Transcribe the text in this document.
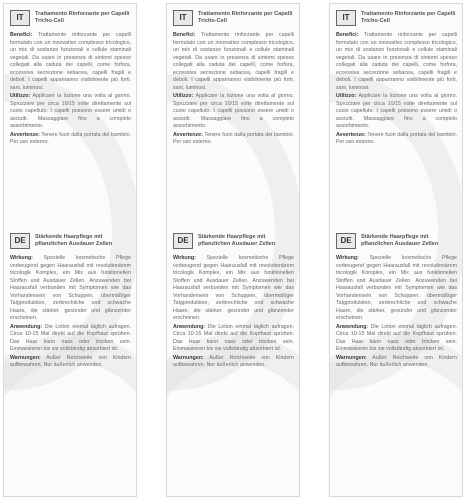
IT	Trattamento Rinforzante per Capelli Tricho-Cell

Benefici: Trattamento rinforzante per capelli formulato con un innovativo complesso tricologico, un mix di sostanze funzionali e cellule staminali vegetali. Da usare in presenza di sintomi spesso collegati alla caduta dei capelli, come forfora, eccessiva secrezione sebacea, capelli fragili e deboli. I capelli appariranno visibilmente più forti, sani, luminosi.

Utilizzo: Applicare la lozione una volta al giorno. Spruzzare per circa 10/15 volte direttamente sul cuoio capelluto. I capelli possono essere umidi o asciutti. Massaggiare fino a completo assorbimento.

Avvertenze: Tenere fuori dalla portata dei bambini. Per uso esterno.

DE	Stärkende Haarpflege mit pflanzlichen Ausdauer Zellen

Wirkung: Spezielle kosmetische Pflege vorbeugend gegen Haarausfall mit revolutionärem tricologik Komplex, ein Mix aus funktionellen Stoffen und Ausdauer Zellen. Anzuwenden bei Haarausfall verbunden mit Symptomen wie das Vorhandensein von Schuppen, übermäßiger Talgproduktion, zerbrechliche und schwache Haare, die stärker, gesünder und glänzender erscheinen.

Anwendung: Die Lotion einmal täglich aufragen. Circa 10-15 Mal direkt auf die Kopfhaut sprühen. Das Haar kann nass oder trocken sein. Einmassieren bis sie vollständig absorbiert ist.

Warnungen: Außer Reichweite von Kindern aufbewahren. Nur äußerlich anwenden.

IT	Trattamento Rinforzante per Capelli Tricho-Cell

Benefici: Trattamento rinforzante per capelli formulato con un innovativo complesso tricologico, un mix di sostanze funzionali e cellule staminali vegetali. Da usare in presenza di sintomi spesso collegati alla caduta dei capelli, come forfora, eccessiva secrezione sebacea, capelli fragili e deboli. I capelli appariranno visibilmente più forti, sani, luminosi.

Utilizzo: Applicare la lozione una volta al giorno. Spruzzare per circa 10/15 volte direttamente sul cuoio capelluto. I capelli possono essere umidi o asciutti. Massaggiare fino a completo assorbimento.

Avvertenze: Tenere fuori dalla portata dei bambini. Per uso esterno.

DE	Stärkende Haarpflege mit pflanzlichen Ausdauer Zellen

Wirkung: Spezielle kosmetische Pflege vorbeugend gegen Haarausfall mit revolutionärem tricologik Komplex, ein Mix aus funktionellen Stoffen und Ausdauer Zellen. Anzuwenden bei Haarausfall verbunden mit Symptomen wie das Vorhandensein von Schuppen, übermäßiger Talgproduktion, zerbrechliche und schwache Haare, die stärker, gesünder und glänzender erscheinen.

Anwendung: Die Lotion einmal täglich aufragen. Circa 10-15 Mal direkt auf die Kopfhaut sprühen. Das Haar kann nass oder trocken sein. Einmassieren bis sie vollständig absorbiert ist.

Warnungen: Außer Reichweite von Kindern aufbewahren. Nur äußerlich anwenden.

IT	Trattamento Rinforzante per Capelli Tricho-Cell

Benefici: Trattamento rinforzante per capelli formulato con un innovativo complesso tricologico, un mix di sostanze funzionali e cellule staminali vegetali. Da usare in presenza di sintomi spesso collegati alla caduta dei capelli, come forfora, eccessiva secrezione sebacea, capelli fragili e deboli. I capelli appariranno visibilmente più forti, sani, luminosi.

Utilizzo: Applicare la lozione una volta al giorno. Spruzzare per circa 10/15 volte direttamente sul cuoio capelluto. I capelli possono essere umidi o asciutti. Massaggiare fino a completo assorbimento.

Avvertenze: Tenere fuori dalla portata dei bambini. Per uso esterno.

DE	Stärkende Haarpflege mit pflanzlichen Ausdauer Zellen

Wirkung: Spezielle kosmetische Pflege vorbeugend gegen Haarausfall mit revolutionärem tricologik Komplex, ein Mix aus funktionellen Stoffen und Ausdauer Zellen. Anzuwenden bei Haarausfall verbunden mit Symptomen wie das Vorhandensein von Schuppen, übermäßiger Talgproduktion, zerbrechliche und schwache Haare, die stärker, gesünder und glänzender erscheinen.

Anwendung: Die Lotion einmal täglich aufragen. Circa 10-15 Mal direkt auf die Kopfhaut sprühen. Das Haar kann nass oder trocken sein. Einmassieren bis sie vollständig absorbiert ist.

Warnungen: Außer Reichweite von Kindern aufbewahren. Nur äußerlich anwenden.
